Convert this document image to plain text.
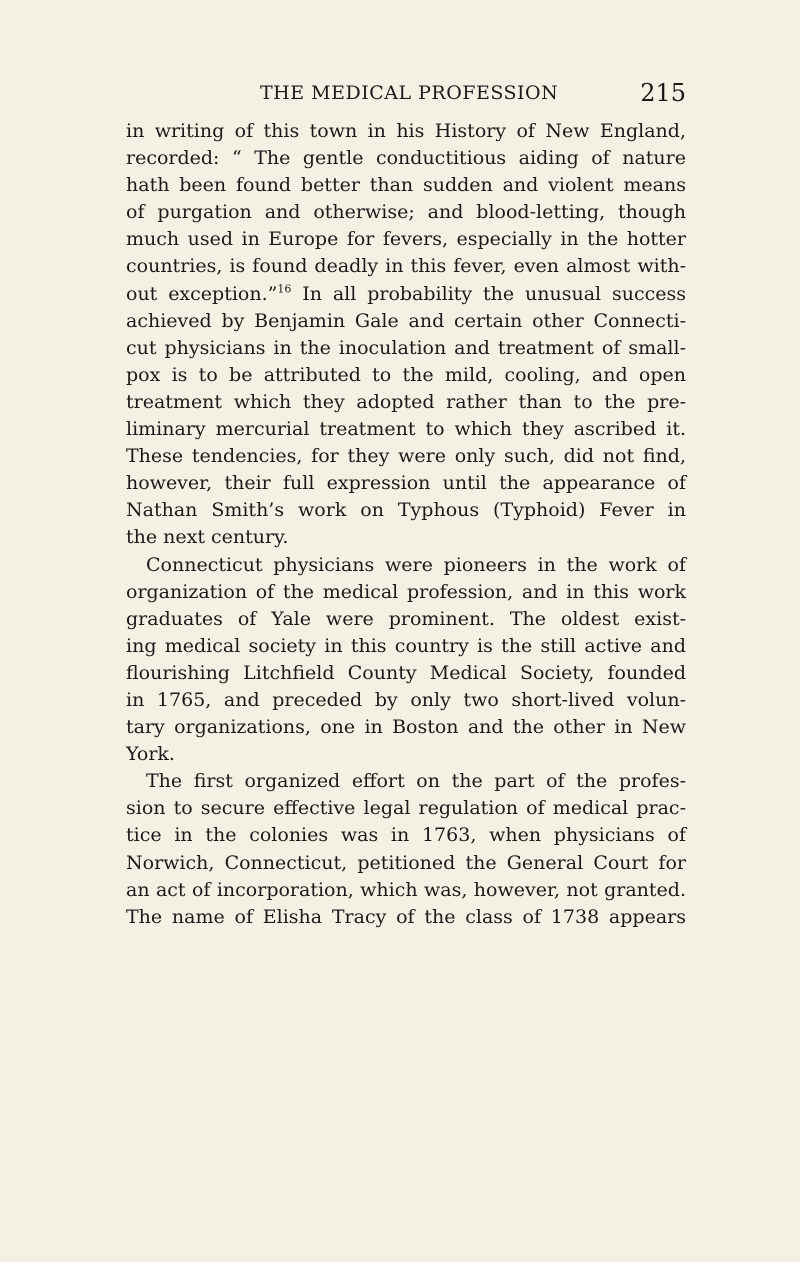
THE MEDICAL PROFESSION	215
in writing of this town in his History of New England,
recorded: “ The gentle conductitious aiding of nature
hath been found better than sudden and violent means
of purgation and otherwise; and blood-letting, though
much used in Europe for fevers, especially in the hotter
countries, is found deadly in this fever, even almost with-
out exception.”$^{16}$ In all probability the unusual success
achieved by Benjamin Gale and certain other Connecti-
cut physicians in the inoculation and treatment of small-
pox is to be attributed to the mild, cooling, and open
treatment which they adopted rather than to the pre-
liminary mercurial treatment to which they ascribed it.
These tendencies, for they were only such, did not find,
however, their full expression until the appearance of
Nathan Smith’s work on Typhous (Typhoid) Fever in
the next century.
Connecticut physicians were pioneers in the work of
organization of the medical profession, and in this work
graduates of Yale were prominent. The oldest exist-
ing medical society in this country is the still active and
flourishing Litchfield County Medical Society, founded
in 1765, and preceded by only two short-lived volun-
tary organizations, one in Boston and the other in New
York.
The first organized effort on the part of the profes-
sion to secure effective legal regulation of medical prac-
tice in the colonies was in 1763, when physicians of
Norwich, Connecticut, petitioned the General Court for
an act of incorporation, which was, however, not granted.
The name of Elisha Tracy of the class of 1738 appears
